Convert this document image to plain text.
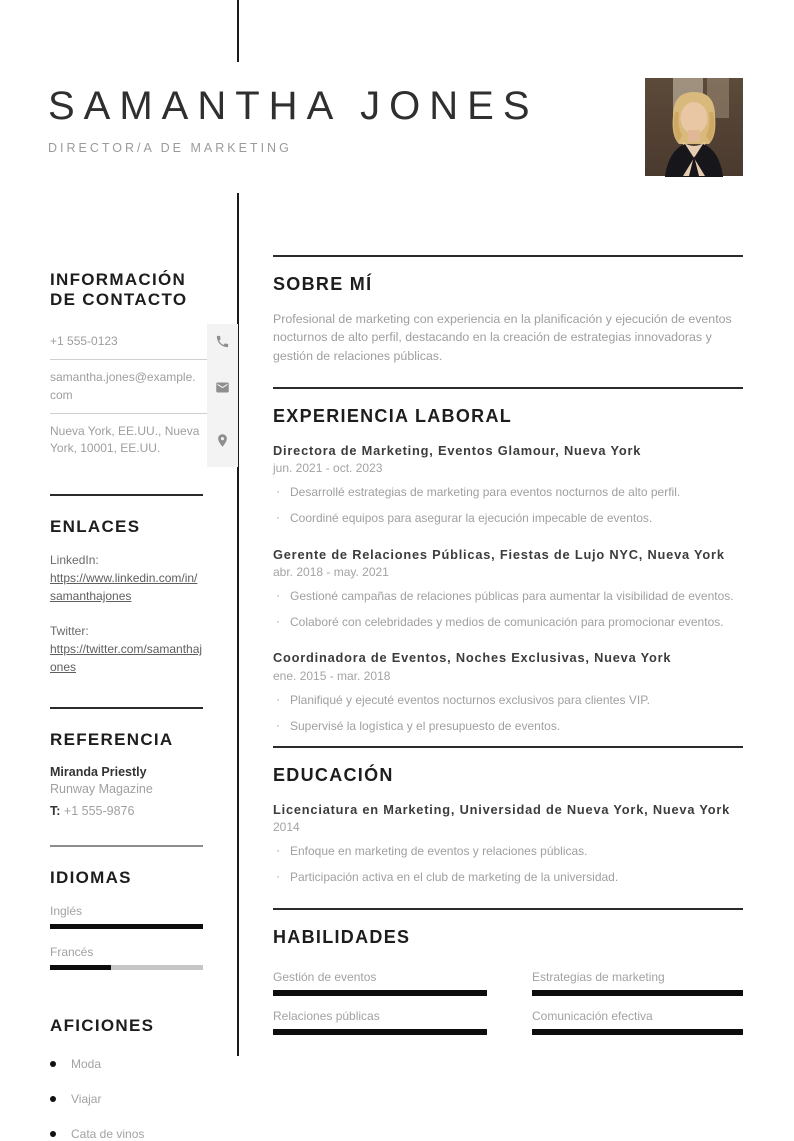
SAMANTHA JONES
DIRECTOR/A DE MARKETING
INFORMACIÓN DE CONTACTO
+1 555-0123
samantha.jones@example.com
Nueva York, EE.UU., Nueva York, 10001, EE.UU.
ENLACES
LinkedIn:
https://www.linkedin.com/in/samanthajones
Twitter:
https://twitter.com/samanthajones
REFERENCIA
Miranda Priestly
Runway Magazine
T: +1 555-9876
IDIOMAS
Inglés
Francés
AFICIONES
Moda
Viajar
Cata de vinos
SOBRE MÍ
Profesional de marketing con experiencia en la planificación y ejecución de eventos nocturnos de alto perfil, destacando en la creación de estrategias innovadoras y gestión de relaciones públicas.
EXPERIENCIA LABORAL
Directora de Marketing, Eventos Glamour, Nueva York
jun. 2021 - oct. 2023
· Desarrollé estrategias de marketing para eventos nocturnos de alto perfil.
· Coordiné equipos para asegurar la ejecución impecable de eventos.
Gerente de Relaciones Públicas, Fiestas de Lujo NYC, Nueva York
abr. 2018 - may. 2021
· Gestioné campañas de relaciones públicas para aumentar la visibilidad de eventos.
· Colaboré con celebridades y medios de comunicación para promocionar eventos.
Coordinadora de Eventos, Noches Exclusivas, Nueva York
ene. 2015 - mar. 2018
· Planifiqué y ejecuté eventos nocturnos exclusivos para clientes VIP.
· Supervisé la logística y el presupuesto de eventos.
EDUCACIÓN
Licenciatura en Marketing, Universidad de Nueva York, Nueva York
2014
· Enfoque en marketing de eventos y relaciones públicas.
· Participación activa en el club de marketing de la universidad.
HABILIDADES
Gestión de eventos	Estrategias de marketing
Relaciones públicas	Comunicación efectiva
